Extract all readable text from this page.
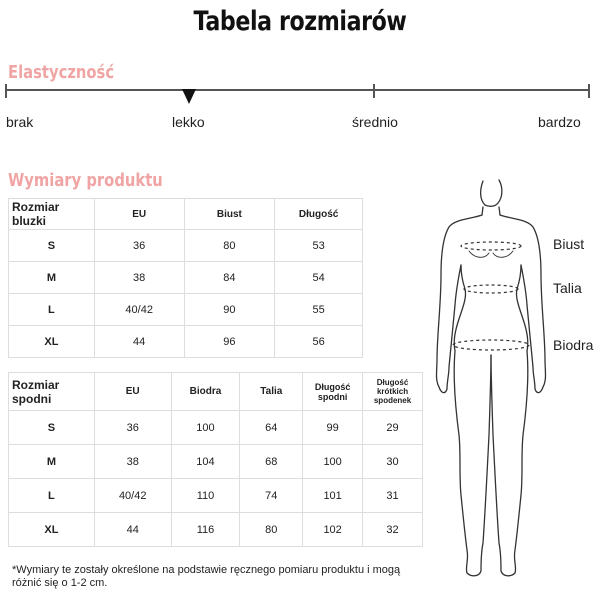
Tabela rozmiarów
Elastyczność
brak	lekko	średnio	bardzo
Wymiary produktu
Rozmiar bluzki	EU	Biust	Długość
S	36	80	53
M	38	84	54
L	40/42	90	55
XL	44	96	56
Rozmiar spodni	EU	Biodra	Talia	Długość spodni	Długość krótkich spodenek
S	36	100	64	99	29
M	38	104	68	100	30
L	40/42	110	74	101	31
XL	44	116	80	102	32
*Wymiary te zostały określone na podstawie ręcznego pomiaru produktu i mogą różnić się o 1-2 cm.
Biust
Talia
Biodra
